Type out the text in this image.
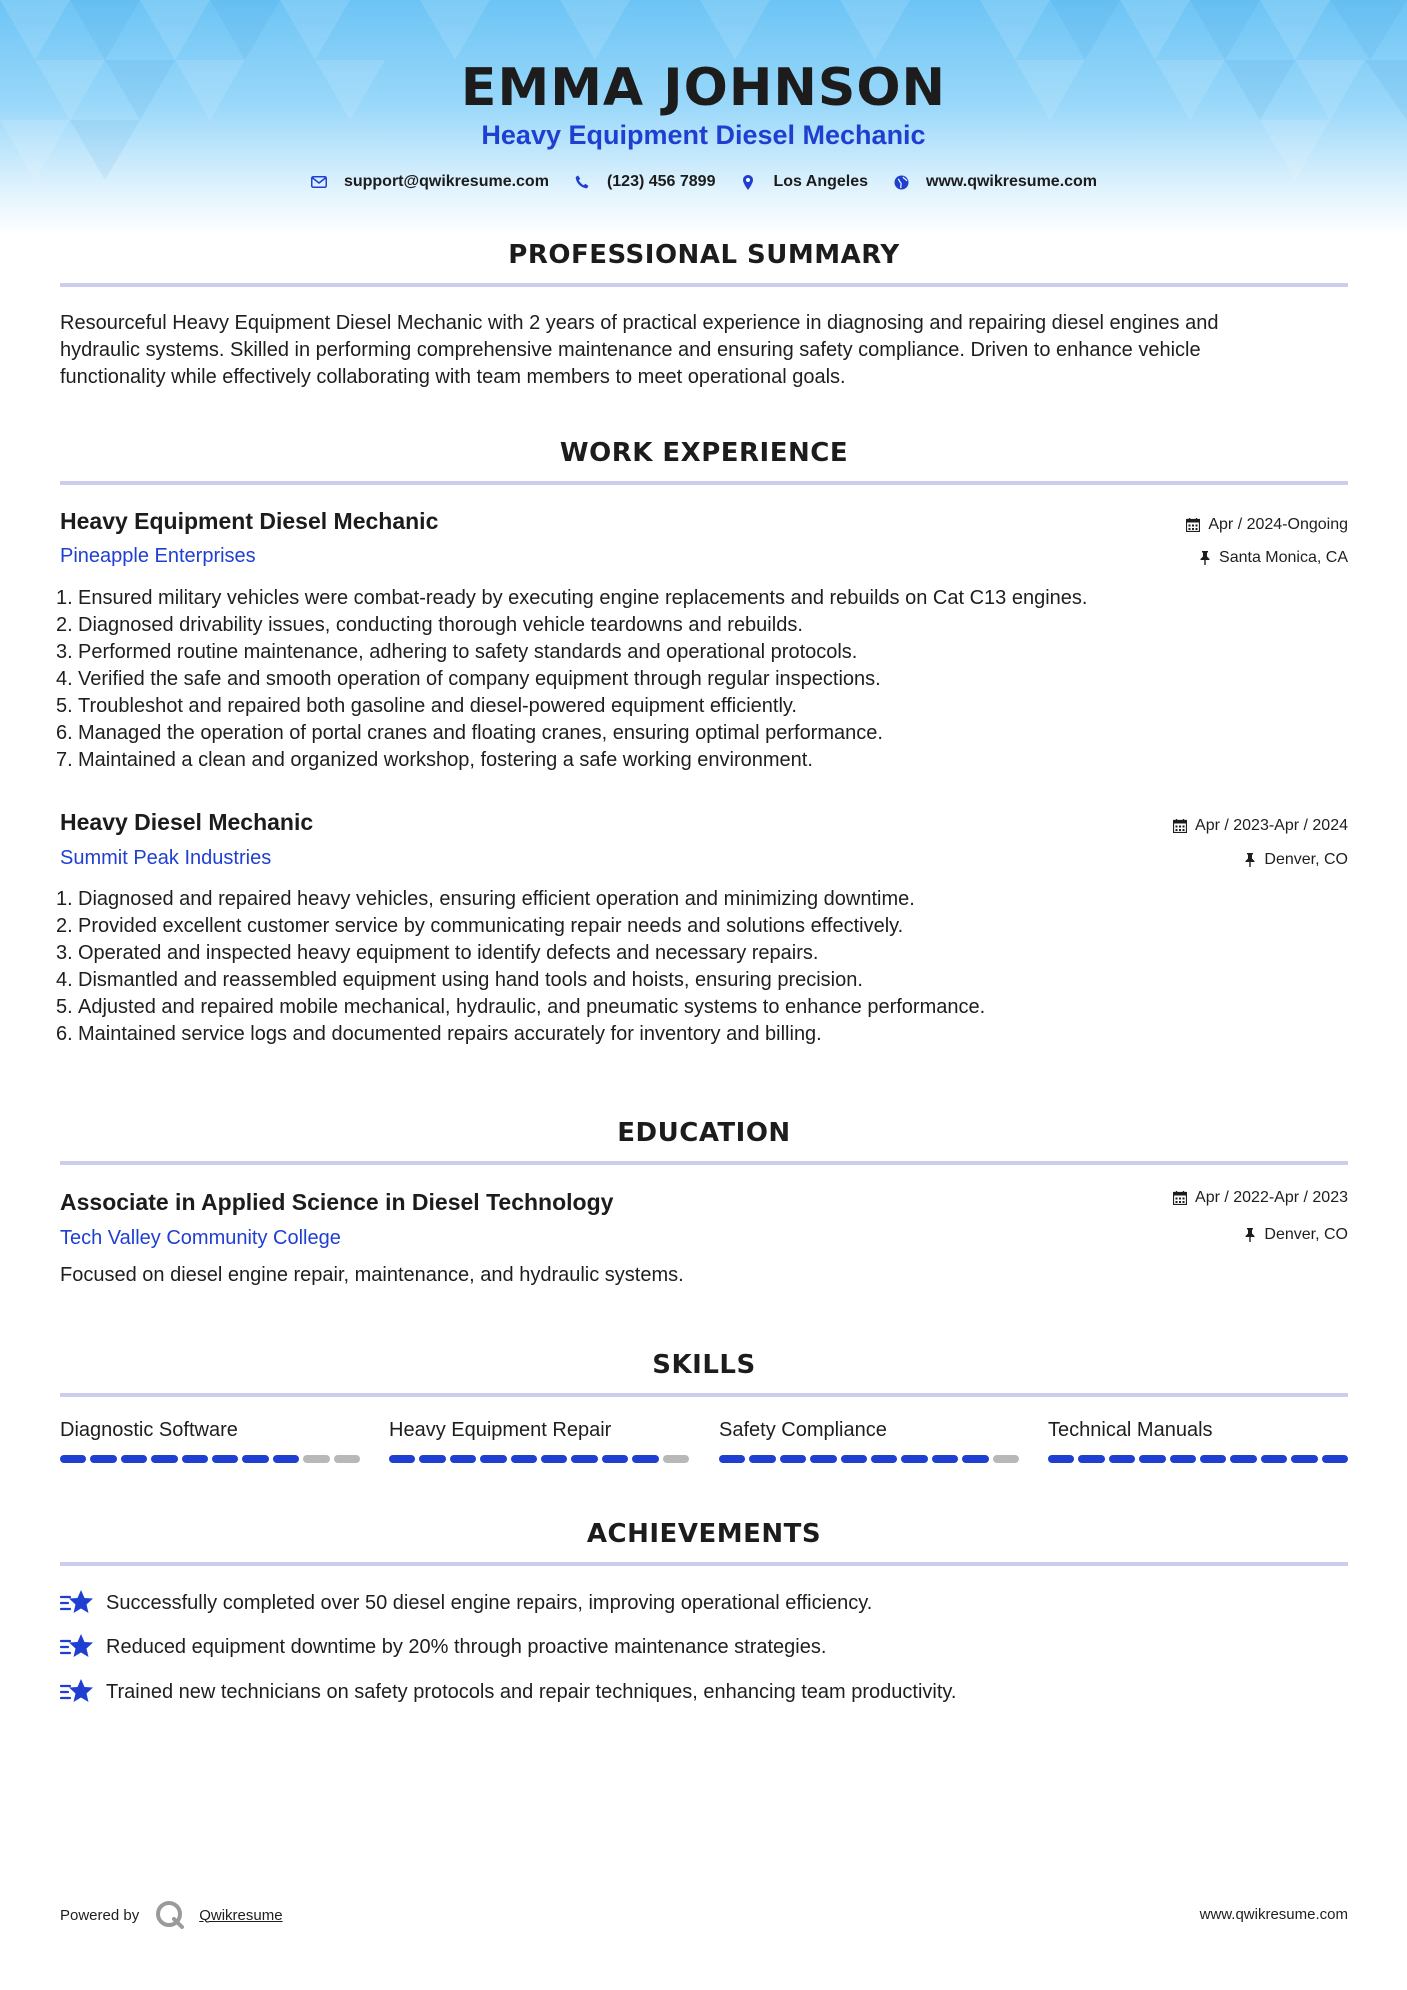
EMMA JOHNSON
Heavy Equipment Diesel Mechanic
support@qwikresume.com	(123) 456 7899	Los Angeles	www.qwikresume.com
PROFESSIONAL SUMMARY
Resourceful Heavy Equipment Diesel Mechanic with 2 years of practical experience in diagnosing and repairing diesel engines and
hydraulic systems. Skilled in performing comprehensive maintenance and ensuring safety compliance. Driven to enhance vehicle
functionality while effectively collaborating with team members to meet operational goals.
WORK EXPERIENCE
Heavy Equipment Diesel Mechanic	Apr / 2024-Ongoing
Pineapple Enterprises	Santa Monica, CA
1. Ensured military vehicles were combat-ready by executing engine replacements and rebuilds on Cat C13 engines.
2. Diagnosed drivability issues, conducting thorough vehicle teardowns and rebuilds.
3. Performed routine maintenance, adhering to safety standards and operational protocols.
4. Verified the safe and smooth operation of company equipment through regular inspections.
5. Troubleshot and repaired both gasoline and diesel-powered equipment efficiently.
6. Managed the operation of portal cranes and floating cranes, ensuring optimal performance.
7. Maintained a clean and organized workshop, fostering a safe working environment.
Heavy Diesel Mechanic	Apr / 2023-Apr / 2024
Summit Peak Industries	Denver, CO
1. Diagnosed and repaired heavy vehicles, ensuring efficient operation and minimizing downtime.
2. Provided excellent customer service by communicating repair needs and solutions effectively.
3. Operated and inspected heavy equipment to identify defects and necessary repairs.
4. Dismantled and reassembled equipment using hand tools and hoists, ensuring precision.
5. Adjusted and repaired mobile mechanical, hydraulic, and pneumatic systems to enhance performance.
6. Maintained service logs and documented repairs accurately for inventory and billing.
EDUCATION
Associate in Applied Science in Diesel Technology	Apr / 2022-Apr / 2023
Tech Valley Community College	Denver, CO
Focused on diesel engine repair, maintenance, and hydraulic systems.
SKILLS
Diagnostic Software	Heavy Equipment Repair	Safety Compliance	Technical Manuals
ACHIEVEMENTS
Successfully completed over 50 diesel engine repairs, improving operational efficiency.
Reduced equipment downtime by 20% through proactive maintenance strategies.
Trained new technicians on safety protocols and repair techniques, enhancing team productivity.
Powered by	Qwikresume	www.qwikresume.com
